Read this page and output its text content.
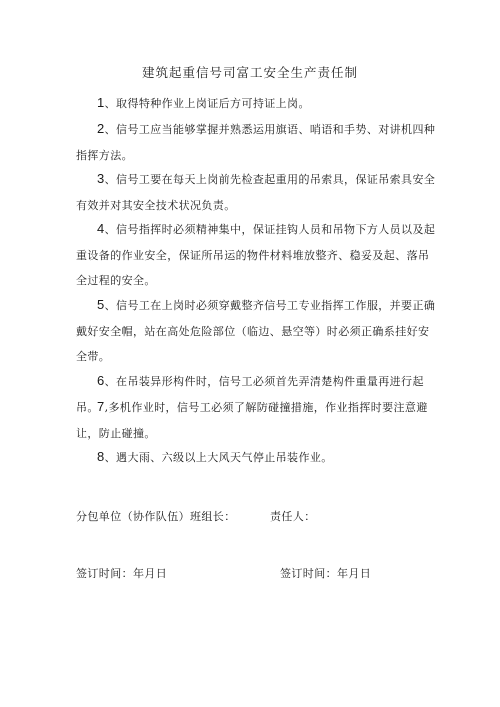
建筑起重信号司富工安全生产责任制

1、取得特种作业上岗证后方可持证上岗。

2、信号工应当能够掌握并熟悉运用旗语、哨语和手势、对讲机四种指挥方法。

3、信号工要在每天上岗前先检查起重用的吊索具，保证吊索具安全有效并对其安全技术状况负责。

4、信号指挥时必须精神集中，保证挂钩人员和吊物下方人员以及起重设备的作业安全，保证所吊运的物件材料堆放整齐、稳妥及起、落吊全过程的安全。

5、信号工在上岗时必须穿戴整齐信号工专业指挥工作服，并要正确戴好安全帽，站在高处危险部位（临边、悬空等）时必须正确系挂好安全带。

6、在吊装异形构件时，信号工必须首先弄清楚构件重量再进行起吊。

7,多机作业时，信号工必须了解防碰撞措施，作业指挥时要注意避让，防止碰撞。

8、遇大雨、六级以上大风天气停止吊装作业。

分包单位（协作队伍）班组长：	责任人：
签订时间：年月日	签订时间：年月日
